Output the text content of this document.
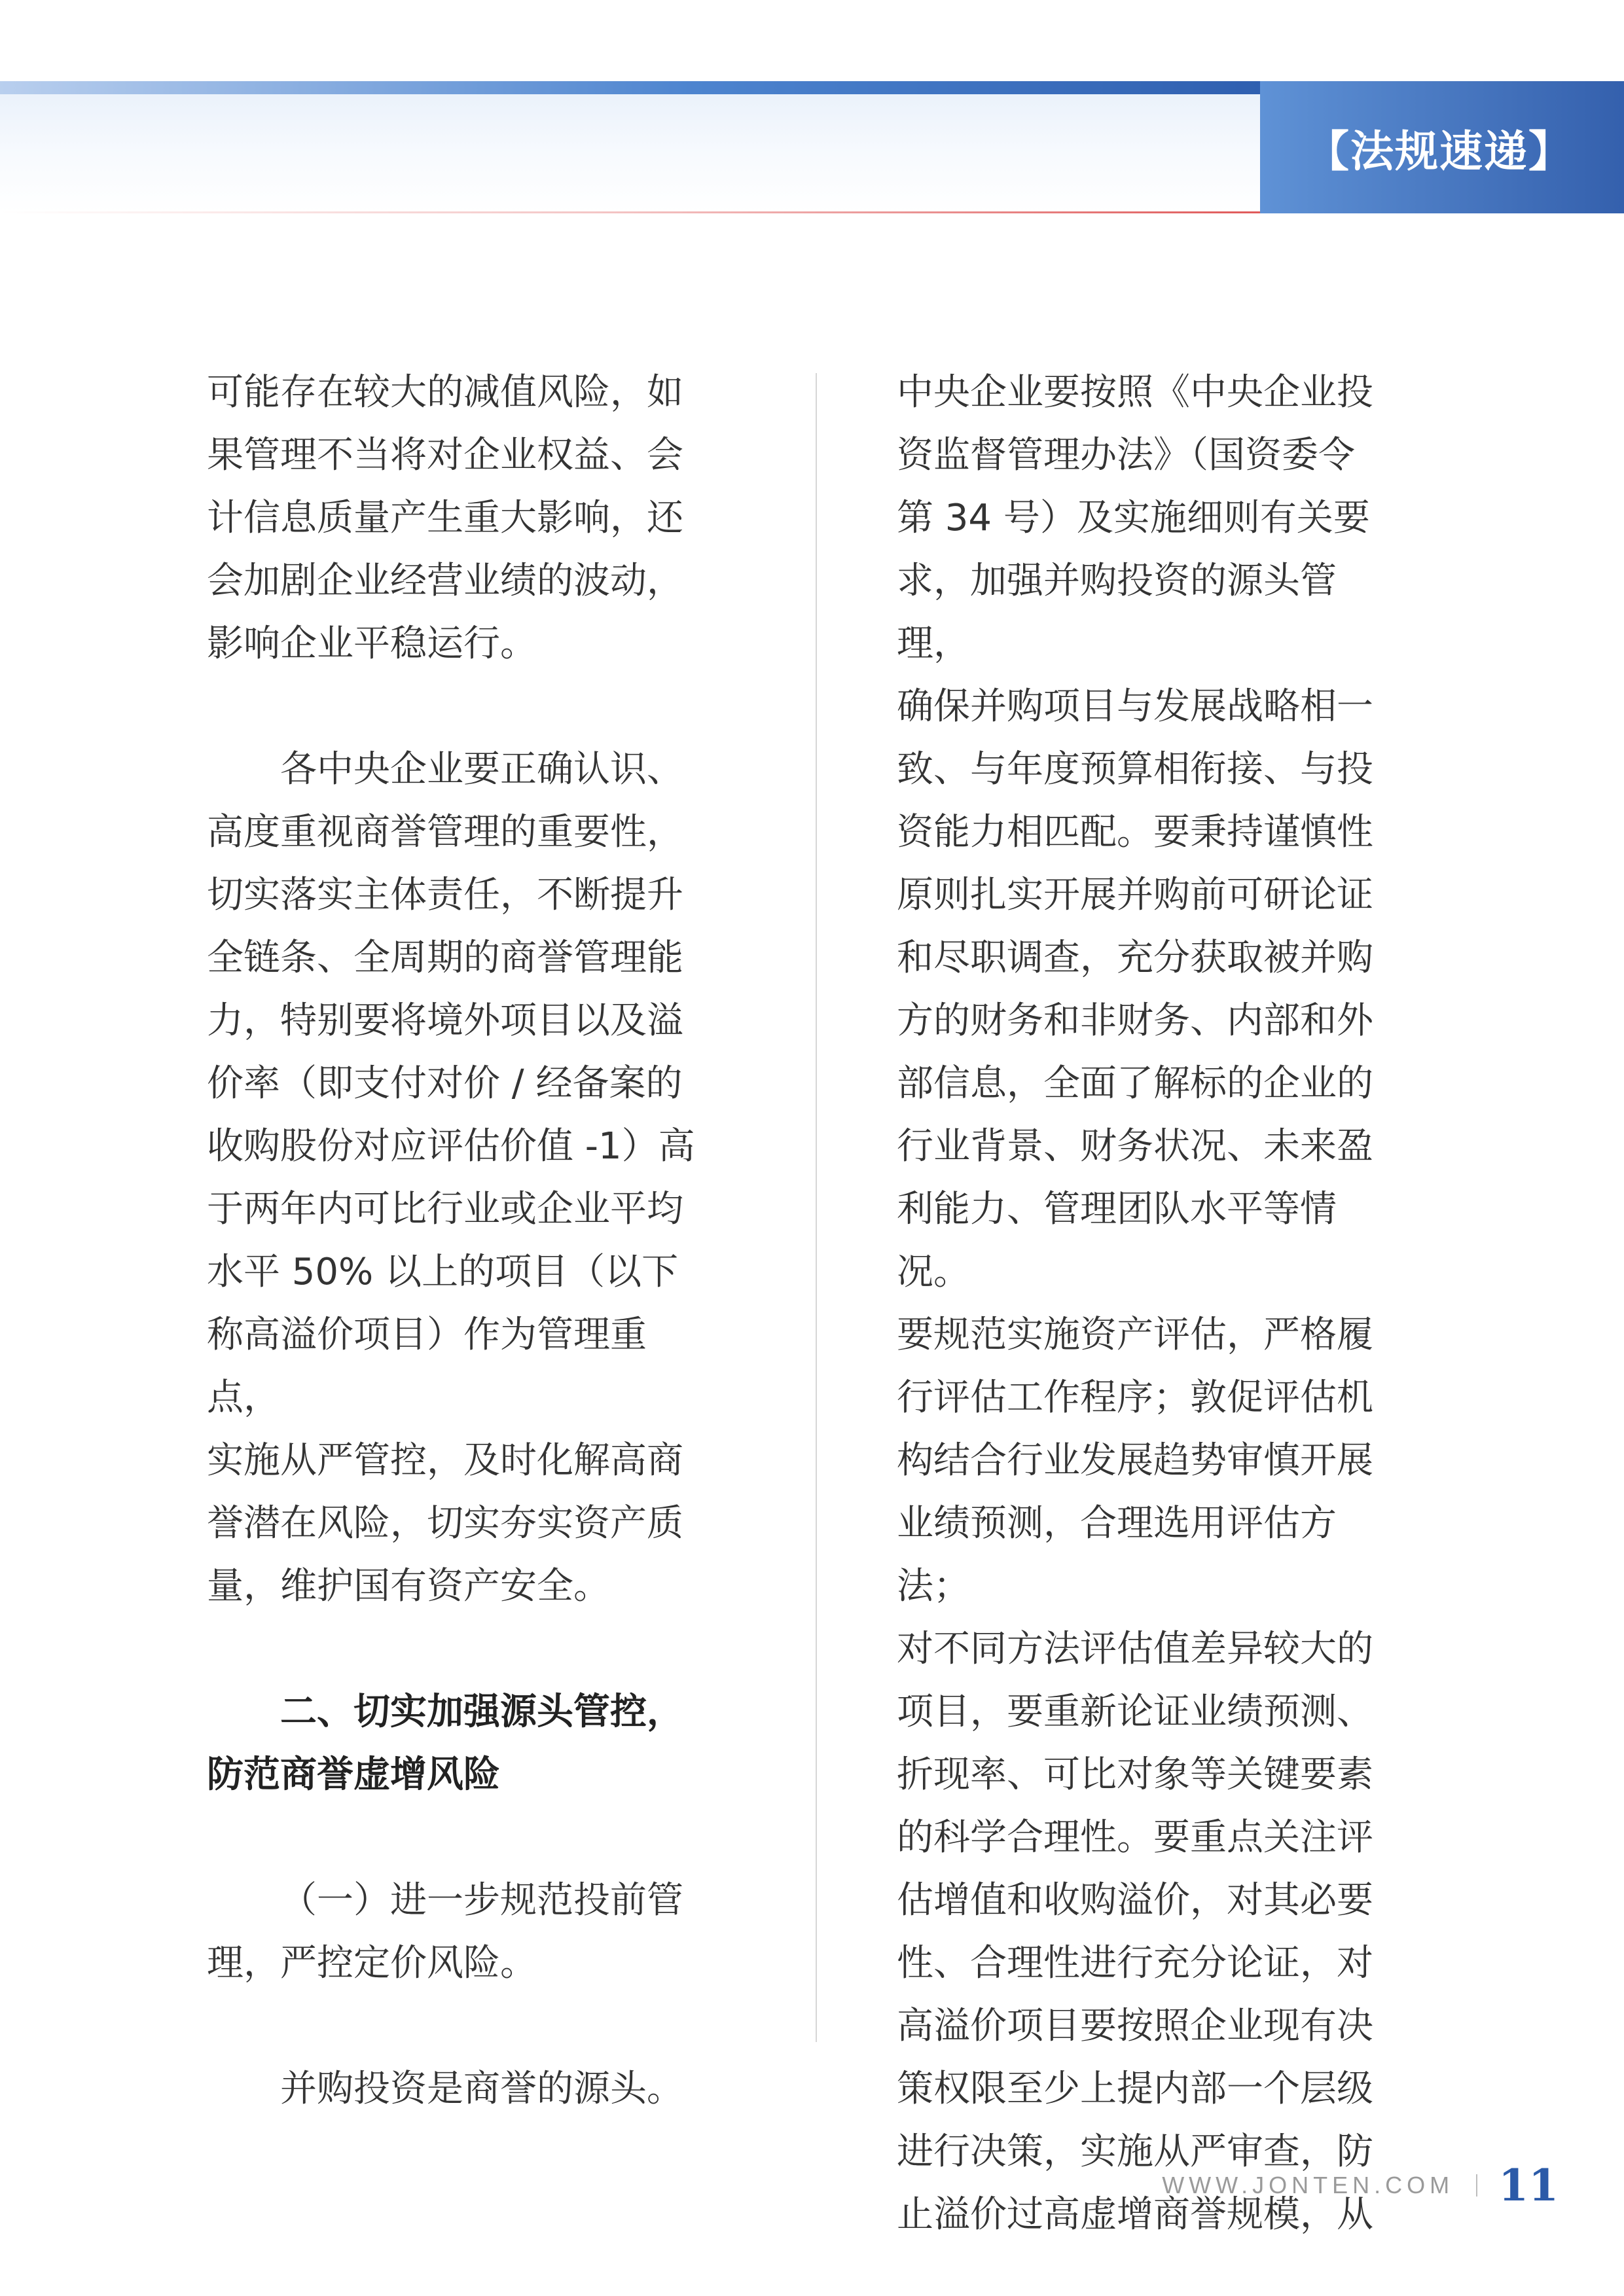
【法规速递】

可能存在较大的减值风险，如
果管理不当将对企业权益、会
计信息质量产生重大影响，还
会加剧企业经营业绩的波动，
影响企业平稳运行。

各中央企业要正确认识、
高度重视商誉管理的重要性，
切实落实主体责任，不断提升
全链条、全周期的商誉管理能
力，特别要将境外项目以及溢
价率（即支付对价 / 经备案的
收购股份对应评估价值 -1）高
于两年内可比行业或企业平均
水平 50% 以上的项目（以下
称高溢价项目）作为管理重点，
实施从严管控，及时化解高商
誉潜在风险，切实夯实资产质
量，维护国有资产安全。

二、切实加强源头管控，
防范商誉虚增风险

（一）进一步规范投前管
理，严控定价风险。

并购投资是商誉的源头。

中央企业要按照《中央企业投
资监督管理办法》（国资委令
第 34 号）及实施细则有关要
求，加强并购投资的源头管理，
确保并购项目与发展战略相一
致、与年度预算相衔接、与投
资能力相匹配。要秉持谨慎性
原则扎实开展并购前可研论证
和尽职调查，充分获取被并购
方的财务和非财务、内部和外
部信息，全面了解标的企业的
行业背景、财务状况、未来盈
利能力、管理团队水平等情况。
要规范实施资产评估，严格履
行评估工作程序；敦促评估机
构结合行业发展趋势审慎开展
业绩预测，合理选用评估方法；
对不同方法评估值差异较大的
项目，要重新论证业绩预测、
折现率、可比对象等关键要素
的科学合理性。要重点关注评
估增值和收购溢价，对其必要
性、合理性进行充分论证，对
高溢价项目要按照企业现有决
策权限至少上提内部一个层级
进行决策，实施从严审查，防
止溢价过高虚增商誉规模，从

WWW.JONTEN.COM 11
